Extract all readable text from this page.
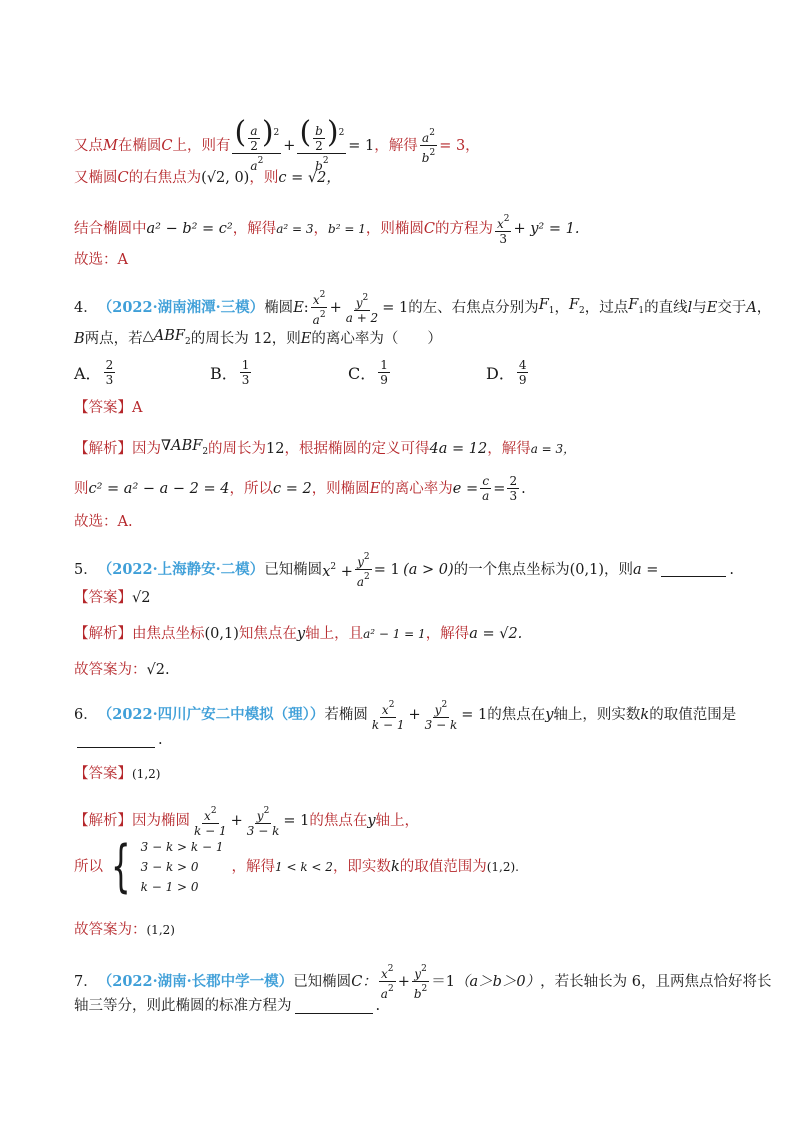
又点 M 在椭圆 C 上，则有 $\frac{( \frac{a}{2} )^2}{a^2} + \frac{( \frac{b}{2} )^2}{b^2} = 1$ ，解得 $\frac{a^2}{b^2} = 3$，
又椭圆 C 的右焦点为 (√2, 0) ，则 c = √2，
结合椭圆中 a² − b² = c² ，解得 a² = 3 ， b² = 1 ，则椭圆 C 的方程为 $\frac{x^2}{3} + y^2 = 1$.
故选：A
4． （2022·湖南湘潭·三模） 椭圆 E : $\frac{x^2}{a^2} + \frac{y^2}{a + 2} = 1$ 的左、右焦点分别为 $F_1$ ， $F_2$ ，过点 $F_1$ 的直线 l 与 E 交于 A ，
B 两点，若 $\triangle ABF_2$ 的周长为 12，则 E 的离心率为（　　）
A． $\frac{2}{3}$	B． $\frac{1}{3}$	C． $\frac{1}{9}$	D． $\frac{4}{9}$
【答案】 A
【解析】 因为 $\nabla ABF_2$ 的周长为 12 ，根据椭圆的定义可得 4a = 12 ，解得 a = 3，
则 c² = a² − a − 2 = 4 ，所以 c = 2 ，则椭圆 E 的离心率为 $e = \frac{c}{a} = \frac{2}{3}$ .
故选：A.
5． （2022·上海静安·二模） 已知椭圆 $x^2 + \frac{y^2}{a^2} = 1$ (a > 0) 的一个焦点坐标为 (0,1) ，则 a =	.
【答案】 √2
【解析】 由焦点坐标 (0,1) 知焦点在 y 轴上，且 a² − 1 = 1 ，解得 a = √2.
故答案为： √2.
6． （2022·四川广安二中模拟（理）） 若椭圆 $\frac{x^2}{k - 1} + \frac{y^2}{3 - k} = 1$ 的焦点在 y 轴上，则实数 k 的取值范围是
.
【答案】 (1,2)
【解析】 因为椭圆 $\frac{x^2}{k - 1} + \frac{y^2}{3 - k} = 1$ 的焦点在 y 轴上，
所以 { 3 − k > k − 1
3 − k > 0
k − 1 > 0
，解得 1 < k < 2 ，即实数 k 的取值范围为 (1,2).
故答案为： (1,2)
7． （2022·湖南·长郡中学一模） 已知椭圆 C： $\frac{x^2}{a^2} + \frac{y^2}{b^2} =1$ （a＞b＞0） ，若长轴长为 6，且两焦点恰好将长
轴三等分，则此椭圆的标准方程为	.
